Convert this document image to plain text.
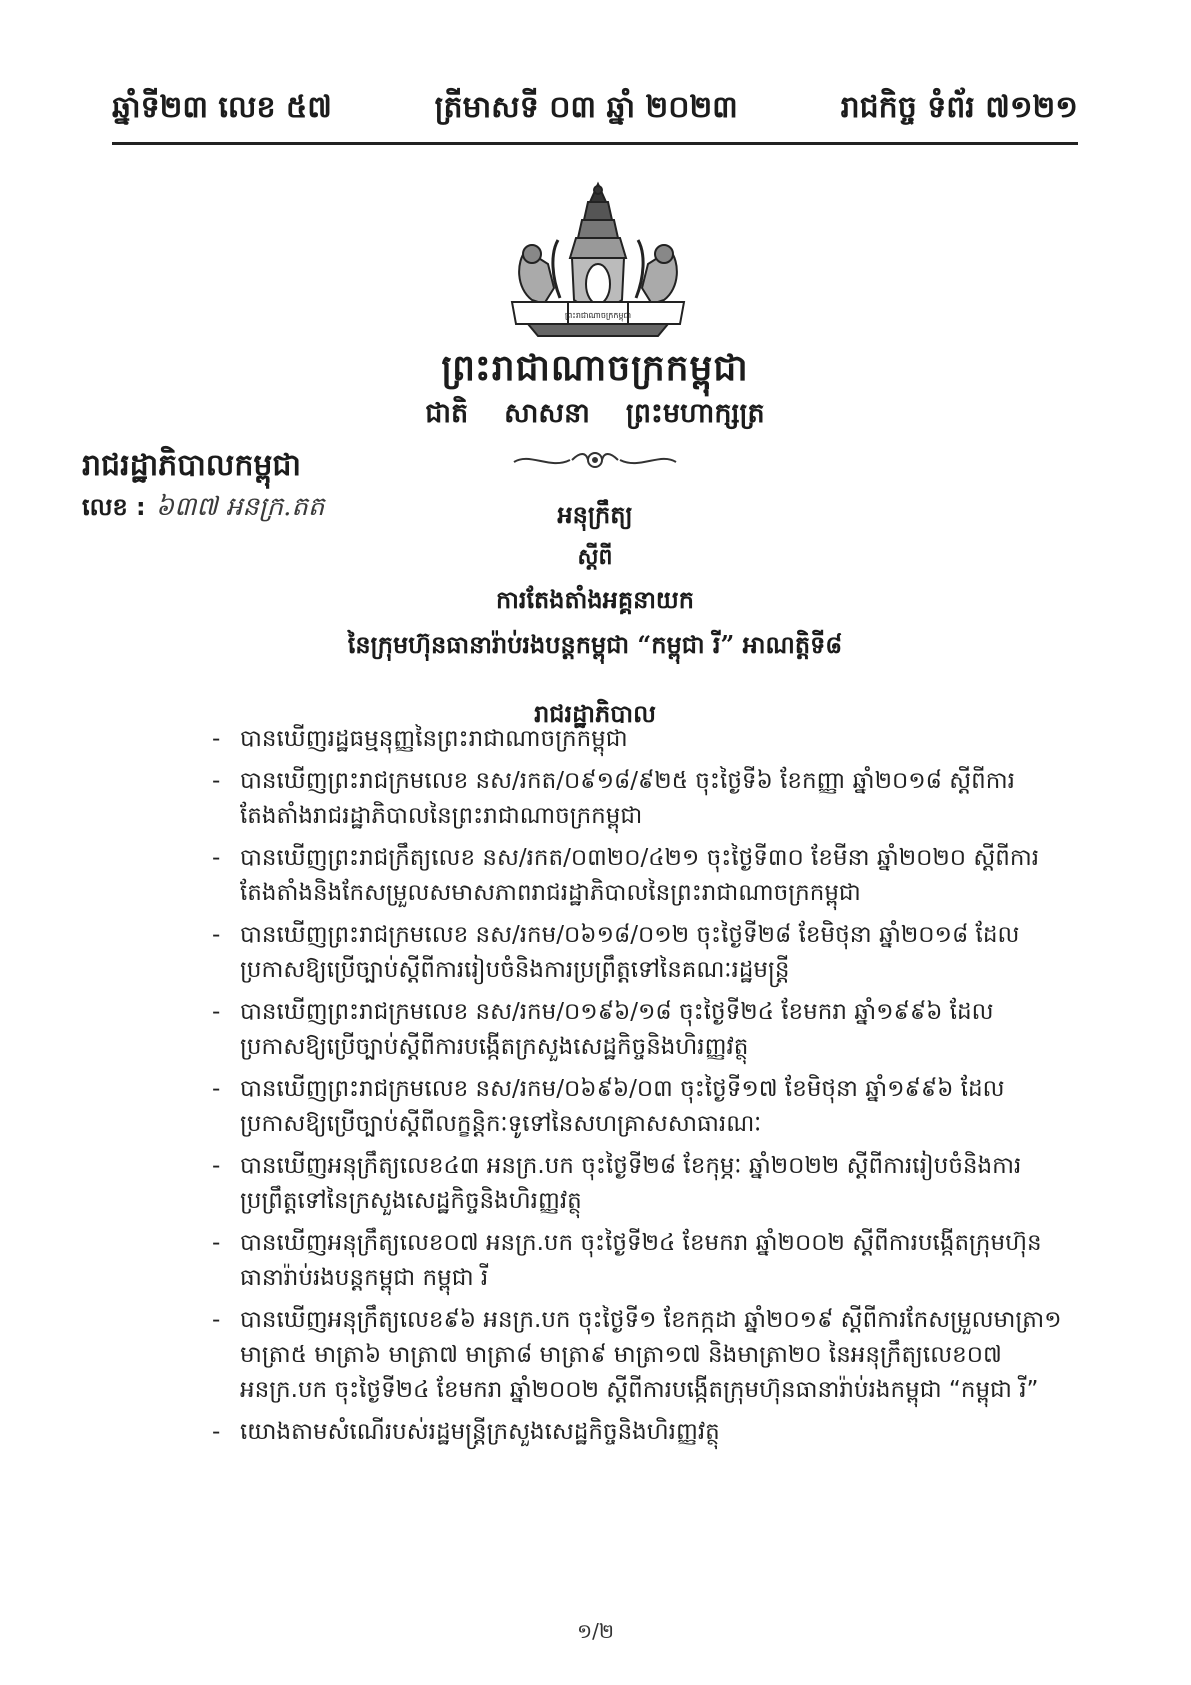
ឆ្នាំទី២៣ លេខ ៥៧	ត្រីមាសទី ០៣ ឆ្នាំ ២០២៣	រាជកិច្ច ទំព័រ ៧១២១
ព្រះរាជាណាចក្រកម្ពុជា
ព្រះរាជាណាចក្រកម្ពុជា
ជាតិ សាសនា ព្រះមហាក្សត្រ
រាជរដ្ឋាភិបាលកម្ពុជា
លេខ : ៦៣៧ អនក្រ.តត	អនុក្រឹត្យ
ស្តីពី
ការតែងតាំងអគ្គនាយក
នៃក្រុមហ៊ុនធានារ៉ាប់រងបន្តកម្ពុជា “កម្ពុជា រី” អាណត្តិទី៨
រាជរដ្ឋាភិបាល
- បានឃើញរដ្ឋធម្មនុញ្ញនៃព្រះរាជាណាចក្រកម្ពុជា
- បានឃើញព្រះរាជក្រមលេខ នស/រកត/០៩១៨/៩២៥ ចុះថ្ងៃទី៦ ខែកញ្ញា ឆ្នាំ២០១៨ ស្តីពីការតែងតាំងរាជរដ្ឋាភិបាលនៃព្រះរាជាណាចក្រកម្ពុជា
- បានឃើញព្រះរាជក្រឹត្យលេខ នស/រកត/០៣២០/៤២១ ចុះថ្ងៃទី៣០ ខែមីនា ឆ្នាំ២០២០ ស្តីពីការតែងតាំងនិងកែសម្រួលសមាសភាពរាជរដ្ឋាភិបាលនៃព្រះរាជាណាចក្រកម្ពុជា
- បានឃើញព្រះរាជក្រមលេខ នស/រកម/០៦១៨/០១២ ចុះថ្ងៃទី២៨ ខែមិថុនា ឆ្នាំ២០១៨ ដែលប្រកាសឱ្យប្រើច្បាប់ស្តីពីការរៀបចំនិងការប្រព្រឹត្តទៅនៃគណៈរដ្ឋមន្ត្រី
- បានឃើញព្រះរាជក្រមលេខ នស/រកម/០១៩៦/១៨ ចុះថ្ងៃទី២៤ ខែមករា ឆ្នាំ១៩៩៦ ដែលប្រកាសឱ្យប្រើច្បាប់ស្តីពីការបង្កើតក្រសួងសេដ្ឋកិច្ចនិងហិរញ្ញវត្ថុ
- បានឃើញព្រះរាជក្រមលេខ នស/រកម/០៦៩៦/០៣ ចុះថ្ងៃទី១៧ ខែមិថុនា ឆ្នាំ១៩៩៦ ដែលប្រកាសឱ្យប្រើច្បាប់ស្តីពីលក្ខន្តិកៈទូទៅនៃសហគ្រាសសាធារណៈ
- បានឃើញអនុក្រឹត្យលេខ៤៣ អនក្រ.បក ចុះថ្ងៃទី២៨ ខែកុម្ភៈ ឆ្នាំ២០២២ ស្តីពីការរៀបចំនិងការប្រព្រឹត្តទៅនៃក្រសួងសេដ្ឋកិច្ចនិងហិរញ្ញវត្ថុ
- បានឃើញអនុក្រឹត្យលេខ០៧ អនក្រ.បក ចុះថ្ងៃទី២៤ ខែមករា ឆ្នាំ២០០២ ស្តីពីការបង្កើតក្រុមហ៊ុនធានារ៉ាប់រងបន្តកម្ពុជា កម្ពុជា រី
- បានឃើញអនុក្រឹត្យលេខ៩៦ អនក្រ.បក ចុះថ្ងៃទី១ ខែកក្កដា ឆ្នាំ២០១៩ ស្តីពីការកែសម្រួលមាត្រា១ មាត្រា៥ មាត្រា៦ មាត្រា៧ មាត្រា៨ មាត្រា៩ មាត្រា១៧ និងមាត្រា២០ នៃអនុក្រឹត្យលេខ០៧ អនក្រ.បក ចុះថ្ងៃទី២៤ ខែមករា ឆ្នាំ២០០២ ស្តីពីការបង្កើតក្រុមហ៊ុនធានារ៉ាប់រងកម្ពុជា “កម្ពុជា រី”
- យោងតាមសំណើរបស់រដ្ឋមន្ត្រីក្រសួងសេដ្ឋកិច្ចនិងហិរញ្ញវត្ថុ
១/២
